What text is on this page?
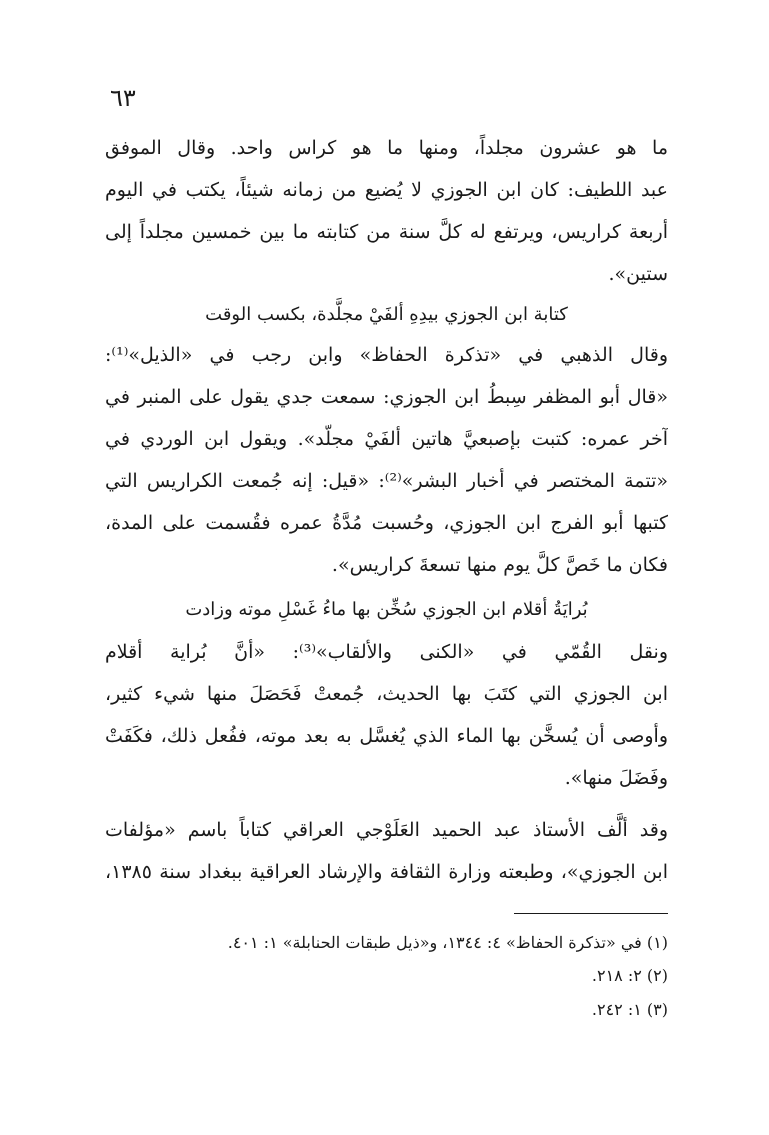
٦٣
ما هو عشرون مجلداً، ومنها ما هو كراس واحد. وقال الموفق
عبد اللطيف: كان ابن الجوزي لا يُضيع من زمانه شيئاً، يكتب في اليوم
أربعة كراريس، ويرتفع له كلَّ سنة من كتابته ما بين خمسين مجلداً إلى
ستين».
كتابة ابن الجوزي بيدِهِ ألفَيْ مجلَّدة، بكسب الوقت
وقال الذهبي في «تذكرة الحفاظ» وابن رجب في «الذيل»⁽¹⁾:
«قال أبو المظفر سِبطُ ابن الجوزي: سمعت جدي يقول على المنبر في
آخر عمره: كتبت بإصبعيَّ هاتين ألفَيْ مجلّد». ويقول ابن الوردي في
«تتمة المختصر في أخبار البشر»⁽²⁾: «قيل: إنه جُمعت الكراريس التي
كتبها أبو الفرج ابن الجوزي، وحُسبت مُدَّةُ عمره فقُسمت على المدة،
فكان ما خَصَّ كلَّ يوم منها تسعةَ كراريس».
بُرايَةُ أقلام ابن الجوزي سُخِّن بها ماءُ غَسْلِ موته وزادت
ونقل القُمّي في «الكنى والألقاب»⁽³⁾: «أنَّ بُراية أقلام
ابن الجوزي التي كتَبَ بها الحديث، جُمعتْ فَحَصَلَ منها شيء كثير،
وأوصى أن يُسخَّن بها الماء الذي يُغسَّل به بعد موته، ففُعل ذلك، فكَفَتْ
وفَضَلَ منها».
وقد ألَّف الأستاذ عبد الحميد العَلَوْجي العراقي كتاباً باسم «مؤلفات
ابن الجوزي»، وطبعته وزارة الثقافة والإرشاد العراقية ببغداد سنة ١٣٨٥،
(١) في «تذكرة الحفاظ» ٤: ١٣٤٤، و«ذيل طبقات الحنابلة» ١: ٤٠١.
(٢) ٢: ٢١٨.
(٣) ١: ٢٤٢.
